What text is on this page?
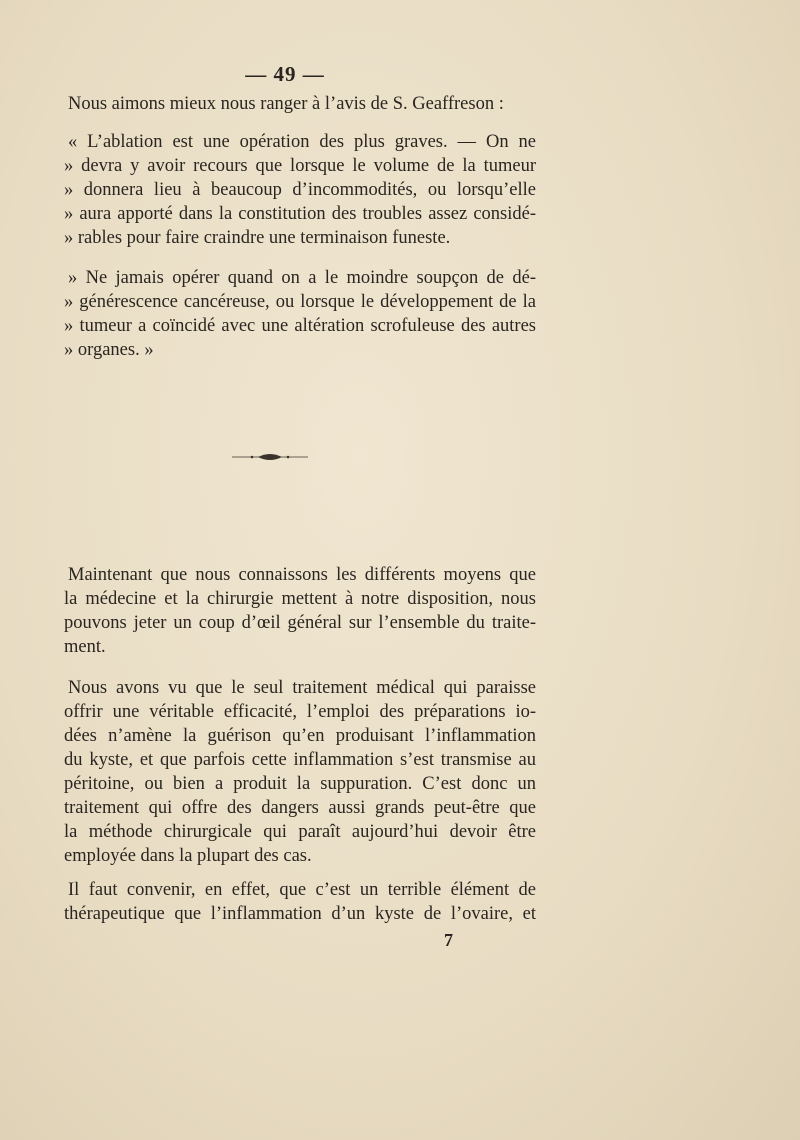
— 49 —
Nous aimons mieux nous ranger à l’avis de S. Geaffreson :
« L’ablation est une opération des plus graves. — On ne
» devra y avoir recours que lorsque le volume de la tumeur
» donnera lieu à beaucoup d’incommodités, ou lorsqu’elle
» aura apporté dans la constitution des troubles assez considé-
» rables pour faire craindre une terminaison funeste.
» Ne jamais opérer quand on a le moindre soupçon de dé-
» générescence cancéreuse, ou lorsque le développement de la
» tumeur a coïncidé avec une altération scrofuleuse des autres
» organes. »
Maintenant que nous connaissons les différents moyens que
la médecine et la chirurgie mettent à notre disposition, nous
pouvons jeter un coup d’œil général sur l’ensemble du traite-
ment.
Nous avons vu que le seul traitement médical qui paraisse
offrir une véritable efficacité, l’emploi des préparations io-
dées n’amène la guérison qu’en produisant l’inflammation
du kyste, et que parfois cette inflammation s’est transmise au
péritoine, ou bien a produit la suppuration. C’est donc un
traitement qui offre des dangers aussi grands peut-être que
la méthode chirurgicale qui paraît aujourd’hui devoir être
employée dans la plupart des cas.
Il faut convenir, en effet, que c’est un terrible élément de
thérapeutique que l’inflammation d’un kyste de l’ovaire, et
7
